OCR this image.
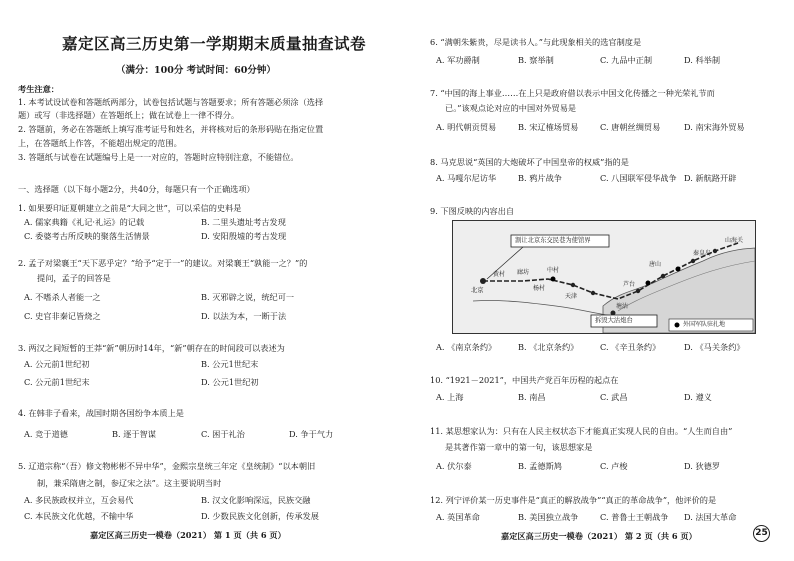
嘉定区高三历史第一学期期末质量抽查试卷
（满分：100分 考试时间：60分钟）
考生注意：
1. 本考试设试卷和答题纸两部分，试卷包括试题与答题要求；所有答题必须涂（选择
题）或写（非选择题）在答题纸上；做在试卷上一律不得分。
2. 答题前，务必在答题纸上填写准考证号和姓名，并将核对后的条形码贴在指定位置
上，在答题纸上作答，不能超出规定的范围。
3. 答题纸与试卷在试题编号上是一一对应的，答题时应特别注意，不能错位。
一、选择题（以下每小题2分，共40分，每题只有一个正确选项）
1. 如果要印证夏朝建立之前是“大同之世”，可以采信的史料是
A. 儒家典籍《礼记·礼运》的记载	B. 二里头遗址考古发现
C. 委婆考古所反映的聚落生活情景	D. 安阳殷墟的考古发现
2. 孟子对梁襄王“天下恶乎定？”给予“定于一”的建议。对梁襄王“孰能一之？”的
提问，孟子的回答是
A. 不嗜杀人者能一之	B. 灭邪辟之说，统纪可一
C. 史官非秦记皆烧之	D. 以法为本，一断于法
3. 两汉之间短暂的王莽“新”朝历时14年，“新”朝存在的时间段可以表述为
A. 公元前1世纪初	B. 公元1世纪末
C. 公元前1世纪末	D. 公元1世纪初
4. 在韩非子看来，战国时期各国纷争本质上是
A. 竞于道德	B. 逐于智谋	C. 困于礼治	D. 争于气力
5. 辽道宗称“（吾）修文物彬彬不异中华”，金熙宗皇统三年定《皇统制》“以本朝旧
制，兼采隋唐之制，参辽宋之法”。这主要说明当时
A. 多民族政权并立，互会易代	B. 汉文化影响深远，民族交融
C. 本民族文化优越，不输中华	D. 少数民族文化创新，传承发展
嘉定区高三历史一模卷（2021） 第 1 页（共 6 页）
6. “满朝朱紫贵，尽是读书人。”与此现象相关的选官制度是
A. 军功爵制	B. 察举制	C. 九品中正制	D. 科举制
7. “中国的海上事业……在上只是政府借以表示中国文化传播之一种光荣礼节而
已。”该观点论对应的中国对外贸易是
A. 明代朝贡贸易	B. 宋辽榷场贸易	C. 唐朝丝绸贸易	D. 南宋海外贸易
8. 马克思说“英国的大炮破坏了中国皇帝的权威”指的是
A. 马嘎尔尼访华	B. 鸦片战争	C. 八国联军侵华战争 D. 新航路开辟
9. 下图反映的内容出自
A. 《南京条约》	B. 《北京条约》	C. 《辛丑条约》	D. 《马关条约》
10. “1921－2021”，中国共产党百年历程的起点在
A. 上海	B. 南昌	C. 武昌	D. 遵义
11. 某思想家认为：只有在人民主权状态下才能真正实现人民的自由。“人生而自由”
是其著作第一章中的第一句，该思想家是
A. 伏尔泰	B. 孟德斯鸠	C. 卢梭	D. 狄德罗
12. 列宁评价某一历史事件是“真正的解放战争”“真正的革命战争”，他评价的是
A. 英国革命	B. 美国独立战争	C. 普鲁士王朝战争 D. 法国大革命
嘉定区高三历史一模卷（2021） 第 2 页（共 6 页）
割让北京东交民巷为使馆界
拆毁大沽炮台
外国军队驻扎地
北京
天津
唐山
塘沽
秦皇岛
山海关
芦台
杨村
廊坊
黄村
中村
25
